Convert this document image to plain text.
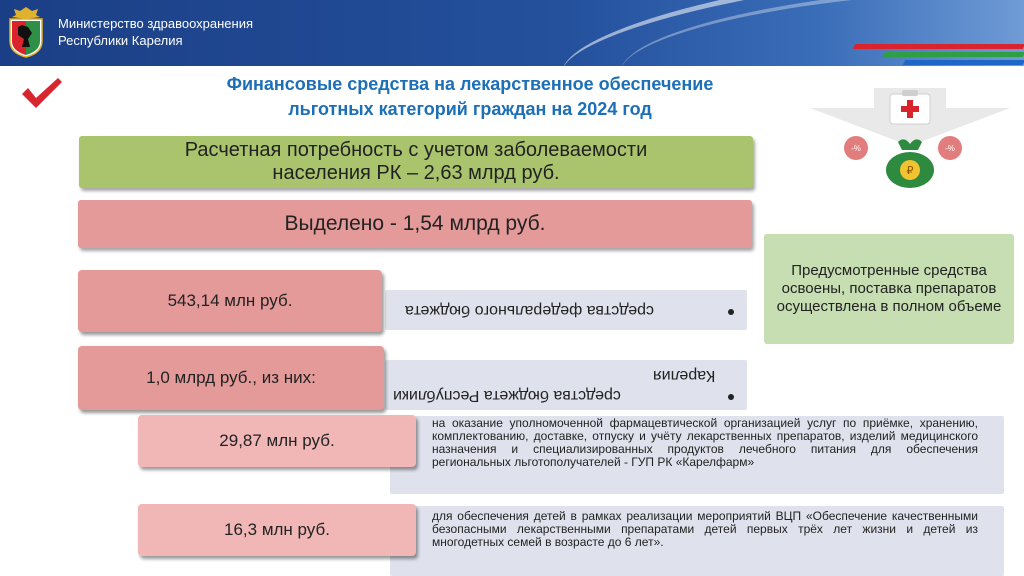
Министерство здравоохранения
Республики Карелия
Финансовые средства на лекарственное обеспечение
льготных категорий граждан на 2024 год
Расчетная потребность с учетом заболеваемости
населения РК – 2,63 млрд руб.
Выделено - 1,54 млрд руб.
средства федерального бюджета
543,14 млн руб.
средства бюджета Республики
Карелия
1,0 млрд руб., из них:
на оказание уполномоченной фармацевтической организацией услуг по приёмке, хранению, комплектованию, доставке, отпуску и учёту лекарственных препаратов, изделий медицинского назначения и специализированных продуктов лечебного питания для обеспечения региональных льготополучателей - ГУП РК «Карелфарм»
29,87 млн руб.
для обеспечения детей в рамках реализации мероприятий ВЦП «Обеспечение качественными безопасными лекарственными препаратами детей первых трёх лет жизни и детей из многодетных семей в возрасте до 6 лет».
16,3 млн руб.
Предусмотренные средства освоены, поставка препаратов осуществлена в полном объеме
-%	-%
₽
